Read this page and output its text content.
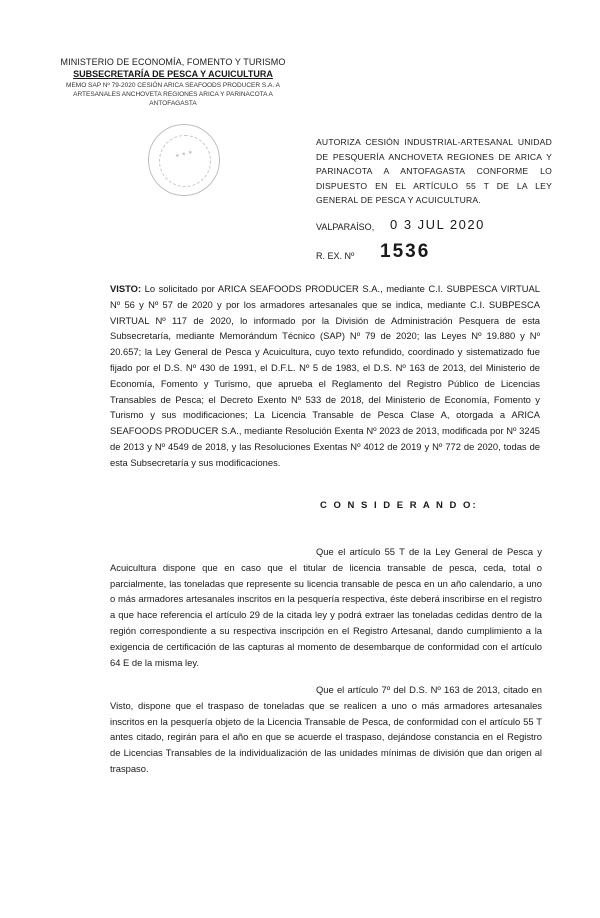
MINISTERIO DE ECONOMÍA, FOMENTO Y TURISMO
SUBSECRETARÍA DE PESCA Y ACUICULTURA
MEMO SAP Nº 79-2020 CESIÓN ARICA SEAFOODS PRODUCER S.A. A ARTESANALES ANCHOVETA REGIONES ARICA Y PARINACOTA A ANTOFAGASTA
✶ ✶ ✶
AUTORIZA CESIÓN INDUSTRIAL-ARTESANAL UNIDAD DE PESQUERÍA ANCHOVETA REGIONES DE ARICA Y PARINACOTA A ANTOFAGASTA CONFORME LO DISPUESTO EN EL ARTÍCULO 55 T DE LA LEY GENERAL DE PESCA Y ACUICULTURA.
VALPARAÍSO, 0 3 JUL 2020
R. EX. Nº 1536
VISTO: Lo solicitado por ARICA SEAFOODS PRODUCER S.A., mediante C.I. SUBPESCA VIRTUAL Nº 56 y Nº 57 de 2020 y por los armadores artesanales que se indica, mediante C.I. SUBPESCA VIRTUAL Nº 117 de 2020, lo informado por la División de Administración Pesquera de esta Subsecretaría, mediante Memorándum Técnico (SAP) Nº 79 de 2020; las Leyes Nº 19.880 y Nº 20.657; la Ley General de Pesca y Acuicultura, cuyo texto refundido, coordinado y sistematizado fue fijado por el D.S. Nº 430 de 1991, el D.F.L. Nº 5 de 1983, el D.S. Nº 163 de 2013, del Ministerio de Economía, Fomento y Turismo, que aprueba el Reglamento del Registro Público de Licencias Transables de Pesca; el Decreto Exento Nº 533 de 2018, del Ministerio de Economía, Fomento y Turismo y sus modificaciones; La Licencia Transable de Pesca Clase A, otorgada a ARICA SEAFOODS PRODUCER S.A., mediante Resolución Exenta Nº 2023 de 2013, modificada por Nº 3245 de 2013 y Nº 4549 de 2018, y las Resoluciones Exentas Nº 4012 de 2019 y Nº 772 de 2020, todas de esta Subsecretaría y sus modificaciones.
C O N S I D E R A N D O:
Que el artículo 55 T de la Ley General de Pesca y Acuicultura dispone que en caso que el titular de licencia transable de pesca, ceda, total o parcialmente, las toneladas que represente su licencia transable de pesca en un año calendario, a uno o más armadores artesanales inscritos en la pesquería respectiva, éste deberá inscribirse en el registro a que hace referencia el artículo 29 de la citada ley y podrá extraer las toneladas cedidas dentro de la región correspondiente a su respectiva inscripción en el Registro Artesanal, dando cumplimiento a la exigencia de certificación de las capturas al momento de desembarque de conformidad con el artículo 64 E de la misma ley.
Que el artículo 7º del D.S. Nº 163 de 2013, citado en Visto, dispone que el traspaso de toneladas que se realicen a uno o más armadores artesanales inscritos en la pesquería objeto de la Licencia Transable de Pesca, de conformidad con el artículo 55 T antes citado, regirán para el año en que se acuerde el traspaso, dejándose constancia en el Registro de Licencias Transables de la individualización de las unidades mínimas de división que dan origen al traspaso.
